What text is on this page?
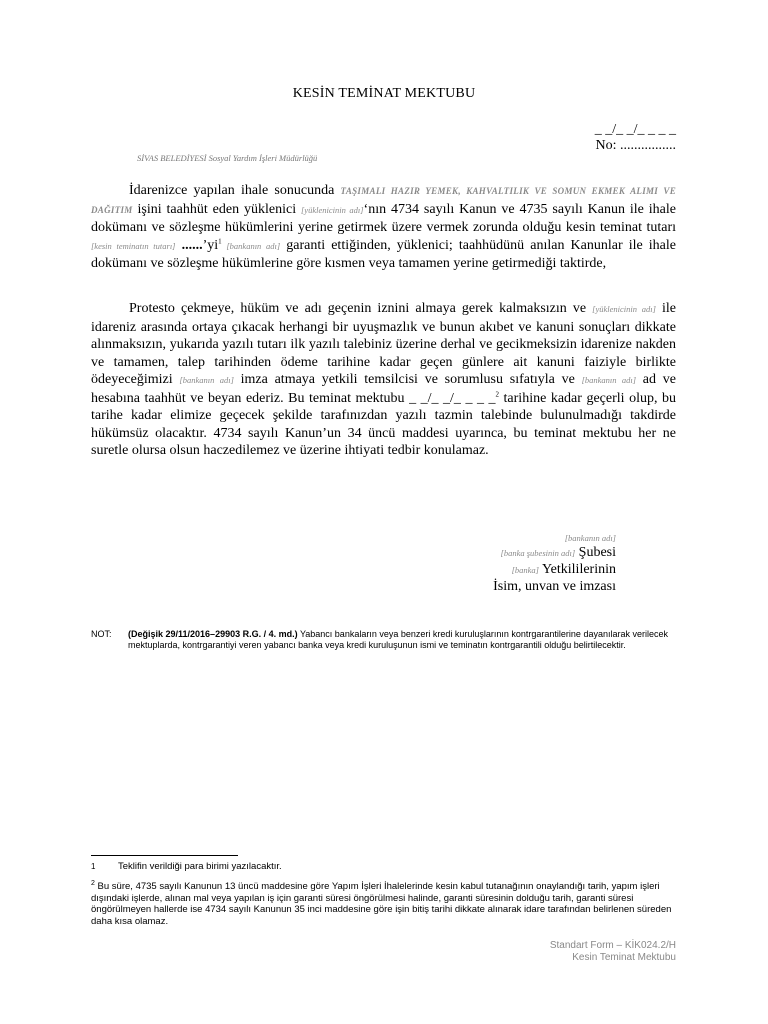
KESİN TEMİNAT MEKTUBU
_ _/_ _/_ _ _ _
No: ................
SİVAS BELEDİYESİ Sosyal Yardım İşleri Müdürlüğü
İdarenizce yapılan ihale sonucunda TAŞIMALI HAZIR YEMEK, KAHVALTILIK VE SOMUN EKMEK ALIMI VE DAĞITIM işini taahhüt eden yüklenici [yüklenicinin adı]‘nın 4734 sayılı Kanun ve 4735 sayılı Kanun ile ihale dokümanı ve sözleşme hükümlerini yerine getirmek üzere vermek zorunda olduğu kesin teminat tutarı [kesin teminatın tutarı] $......’yi^1$ [bankanın adı] garanti ettiğinden, yüklenici; taahhüdünü anılan Kanunlar ile ihale dokümanı ve sözleşme hükümlerine göre kısmen veya tamamen yerine getirmediği taktirde,
Protesto çekmeye, hüküm ve adı geçenin iznini almaya gerek kalmaksızın ve [yüklenicinin adı] ile idareniz arasında ortaya çıkacak herhangi bir uyuşmazlık ve bunun akıbet ve kanuni sonuçları dikkate alınmaksızın, yukarıda yazılı tutarı ilk yazılı talebiniz üzerine derhal ve gecikmeksizin idarenize nakden ve tamamen, talep tarihinden ödeme tarihine kadar geçen günlere ait kanuni faiziyle birlikte ödeyeceğimizi [bankanın adı] imza atmaya yetkili temsilcisi ve sorumlusu sıfatıyla ve [bankanın adı] ad ve hesabına taahhüt ve beyan ederiz. Bu teminat mektubu _ _/_ _/_ _ _ _$^2$ tarihine kadar geçerli olup, bu tarihe kadar elimize geçecek şekilde tarafınızdan yazılı tazmin talebinde bulunulmadığı takdirde hükümsüz olacaktır. 4734 sayılı Kanun’un 34 üncü maddesi uyarınca, bu teminat mektubu her ne suretle olursa olsun haczedilemez ve üzerine ihtiyati tedbir konulamaz.
[bankanın adı]
[banka şubesinin adı] Şubesi
[banka] Yetkililerinin
İsim, unvan ve imzası
NOT: (Değişik 29/11/2016–29903 R.G. / 4. md.) Yabancı bankaların veya benzeri kredi kuruluşlarının kontrgarantilerine dayanılarak verilecek mektuplarda, kontrgarantiyi veren yabancı banka veya kredi kuruluşunun ismi ve teminatın kontrgarantili olduğu belirtilecektir.
1 Teklifin verildiği para birimi yazılacaktır.
$^2$ Bu süre, 4735 sayılı Kanunun 13 üncü maddesine göre Yapım İşleri İhalelerinde kesin kabul tutanağının onaylandığı tarih, yapım işleri dışındaki işlerde, alınan mal veya yapılan iş için garanti süresi öngörülmesi halinde, garanti süresinin dolduğu tarih, garanti süresi öngörülmeyen hallerde ise 4734 sayılı Kanunun 35 inci maddesine göre işin bitiş tarihi dikkate alınarak idare tarafından belirlenen süreden daha kısa olamaz.
Standart Form – KİK024.2/H
Kesin Teminat Mektubu
